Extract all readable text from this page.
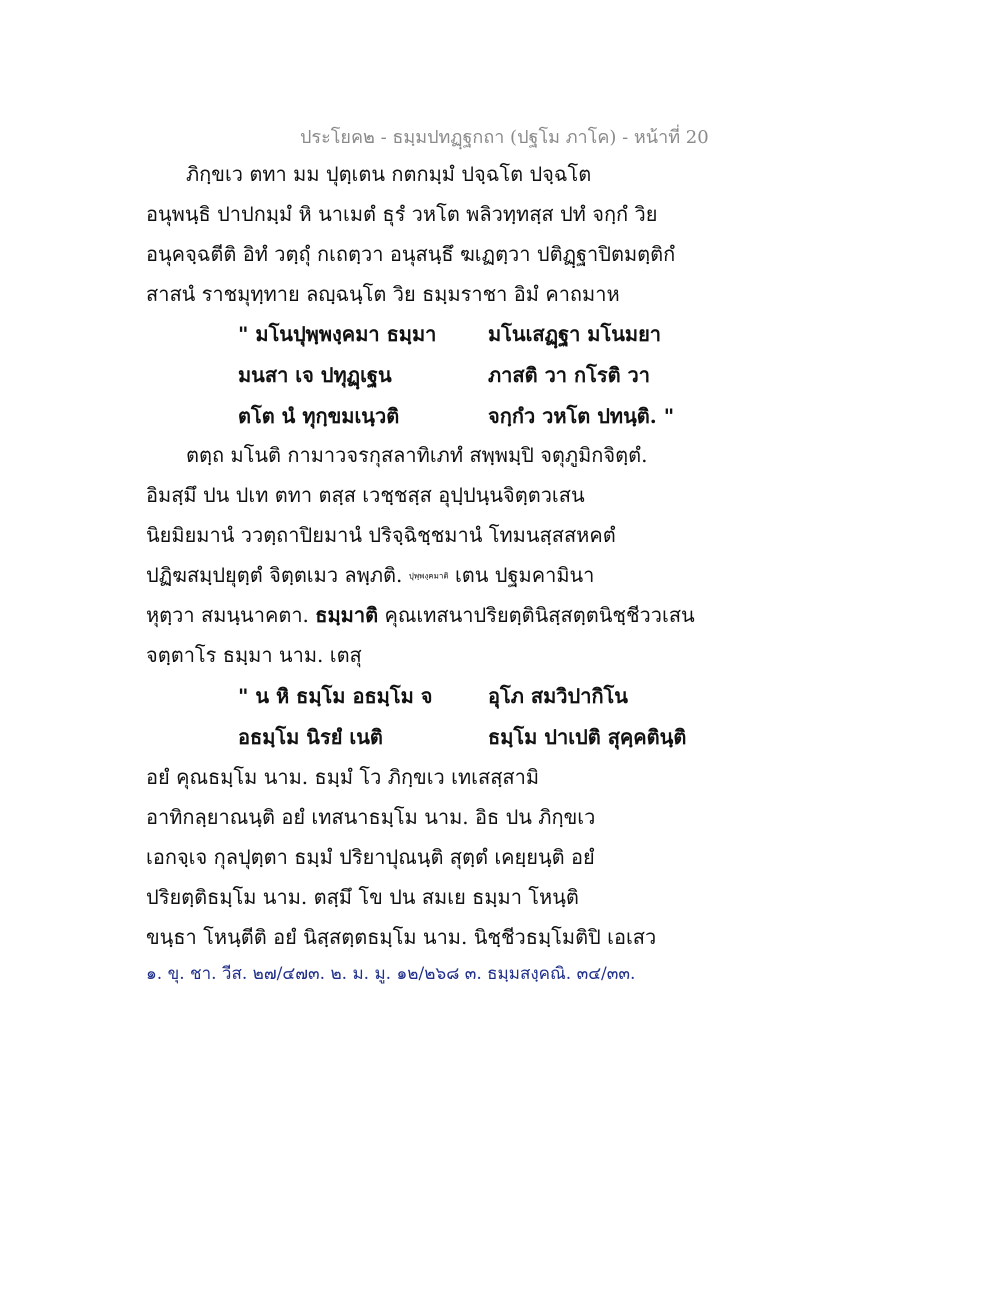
ประโยค๒ - ธมฺมปทฏฺฐกถา (ปฐโม ภาโค) - หน้าที่ 20
ภิกฺขเว ตทา มม ปุตฺเตน กตกมฺมํ ปจฺฉโต ปจฺฉโต
อนุพนฺธิ ปาปกมฺมํ หิ นาเมตํ ธุรํ วหโต พลิวทฺทสฺส ปทํ จกฺกํ วิย
อนุคจฺฉตีติ อิทํ วตฺถุํ กเถตฺวา อนุสนฺธึ ฆเฏตฺวา ปติฏฺฐาปิตมตฺติกํ
สาสนํ ราชมุทฺทาย ลญฺฉนฺโต วิย ธมฺมราชา อิมํ คาถมาห
" มโนปุพฺพงฺคมา ธมฺมา	มโนเสฏฺฐา มโนมยา
มนสา เจ ปทุฏฺเฐน	ภาสติ วา กโรติ วา
ตโต นํ ทุกฺขมเนฺวติ	จกฺกํว วหโต ปทนฺติ. "
ตตฺถ มโนติ กามาวจรกุสลาทิเภทํ สพฺพมฺปิ จตุภูมิกจิตฺตํ.
อิมสฺมึ ปน ปเท ตทา ตสฺส เวชฺชสฺส อุปฺปนฺนจิตฺตวเสน
นิยมิยมานํ ววตฺถาปิยมานํ ปริจฺฉิชฺชมานํ โทมนสฺสสหคตํ
ปฏิฆสมฺปยุตฺตํ จิตฺตเมว ลพฺภติ. ปุพฺพงฺคมาติ เตน ปฐมคามินา
หุตฺวา สมนฺนาคตา. ธมฺมาติ คุณเทสนาปริยตฺตินิสฺสตฺตนิชฺชีววเสน
จตฺตาโร ธมฺมา นาม. เตสุ
" น หิ ธมฺโม อธมฺโม จ	อุโภ สมวิปากิโน
อธมฺโม นิรยํ เนติ	ธมฺโม ปาเปติ สุคฺคตินฺติ
อยํ คุณธมฺโม นาม. ธมฺมํ โว ภิกฺขเว เทเสสฺสามิ
อาทิกลฺยาณนฺติ อยํ เทสนาธมฺโม นาม. อิธ ปน ภิกฺขเว
เอกจฺเจ กุลปุตฺตา ธมฺมํ ปริยาปุณนฺติ สุตฺตํ เคยฺยนฺติ อยํ
ปริยตฺติธมฺโม นาม. ตสฺมึ โข ปน สมเย ธมฺมา โหนฺติ
ขนฺธา โหนฺตีติ อยํ นิสฺสตฺตธมฺโม นาม. นิชฺชีวธมฺโมติปิ เอเสว
๑. ขุ. ชา. วีส. ๒๗/๔๗๓. ๒. ม. มู. ๑๒/๒๖๘ ๓. ธมฺมสงฺคณิ. ๓๔/๓๓.
